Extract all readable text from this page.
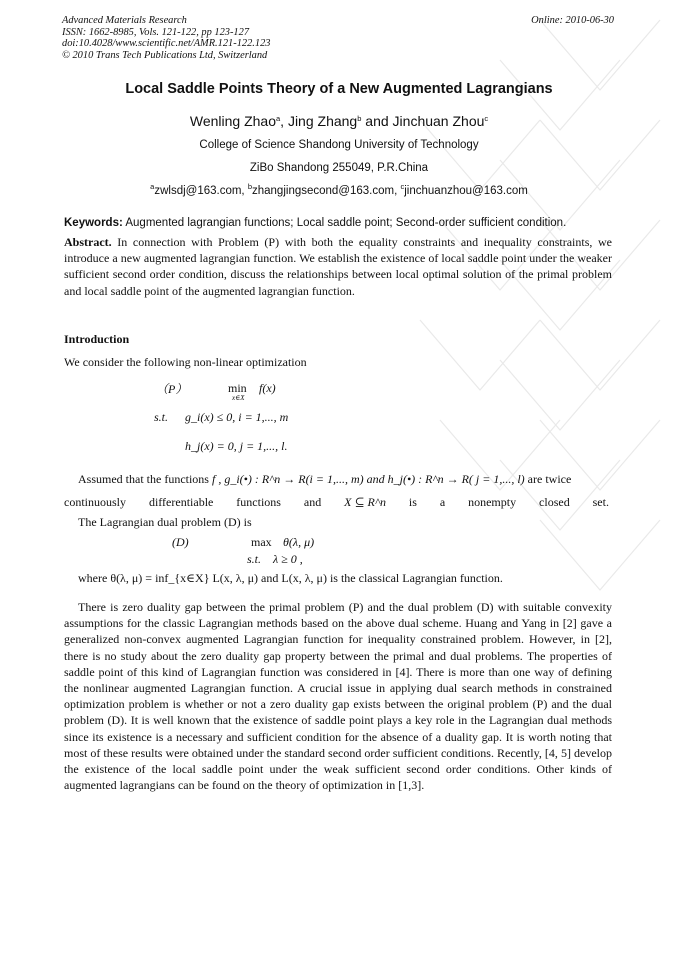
Advanced Materials Research
ISSN: 1662-8985, Vols. 121-122, pp 123-127
doi:10.4028/www.scientific.net/AMR.121-122.123
© 2010 Trans Tech Publications Ltd, Switzerland
Online: 2010-06-30
Local Saddle Points Theory of a New Augmented Lagrangians
Wenling Zhao$^a$, Jing Zhang$^b$ and Jinchuan Zhou$^c$
College of Science Shandong University of Technology
ZiBo Shandong 255049, P.R.China
$^a$zwlsdj@163.com, $^b$zhangjingsecond@163.com, $^c$jinchuanzhou@163.com
Keywords: Augmented lagrangian functions; Local saddle point; Second-order sufficient condition.
Abstract. In connection with Problem (P) with both the equality constraints and inequality constraints, we introduce a new augmented lagrangian function. We establish the existence of local saddle point under the weaker sufficient second order condition, discuss the relationships between local optimal solution of the primal problem and local saddle point of the augmented lagrangian function.
Introduction
We consider the following non-linear optimization
（P）	min
x∈X
f(x)
s.t. g_i(x) ≤ 0, i = 1,..., m
h_j(x) = 0, j = 1,..., l.
Assumed that the functions f , g_i(•) : R^n → R(i = 1,..., m) and h_j(•) : R^n → R( j = 1,..., l) are twice
continuously differentiable functions and X ⊆ R^n is a nonempty closed set.
The Lagrangian dual problem (D) is
(D)	max θ(λ, μ)
s.t. λ ≥ 0 ,
where θ(λ, μ) = inf_{x∈X} L(x, λ, μ) and L(x, λ, μ) is the classical Lagrangian function.
There is zero duality gap between the primal problem (P) and the dual problem (D) with suitable convexity assumptions for the classic Lagrangian methods based on the above dual scheme. Huang and Yang in [2] gave a generalized non-convex augmented Lagrangian function for inequality constrained problem. However, in [2], there is no study about the zero duality gap property between the primal and dual problems. The properties of saddle point of this kind of Lagrangian function was considered in [4]. There is more than one way of defining the nonlinear augmented Lagrangian function. A crucial issue in applying dual search methods in constrained optimization problem is whether or not a zero duality gap exists between the original problem (P) and the dual problem (D). It is well known that the existence of saddle point plays a key role in the Lagrangian dual methods since its existence is a necessary and sufficient condition for the absence of a duality gap. It is worth noting that most of these results were obtained under the standard second order sufficient conditions. Recently, [4, 5] develop the existence of the local saddle point under the weak sufficient second order conditions. Other kinds of augmented lagrangians can be found on the theory of optimization in [1,3].
